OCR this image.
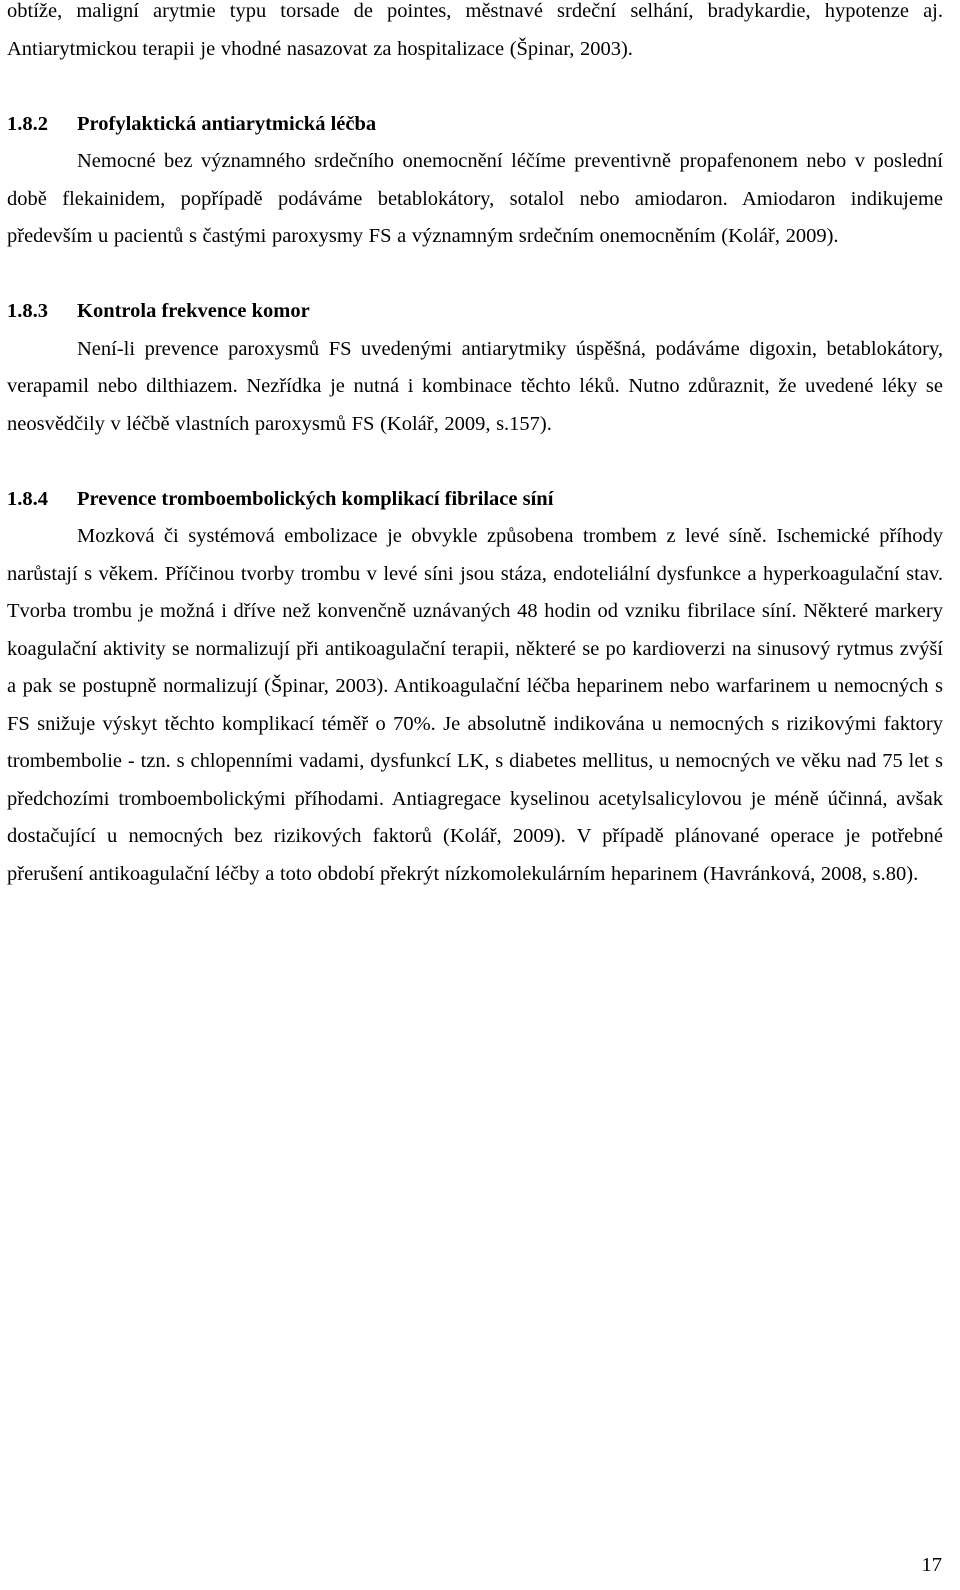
obtíže, maligní arytmie typu torsade de pointes, městnavé srdeční selhání, bradykardie, hypotenze aj. Antiarytmickou terapii je vhodné nasazovat za hospitalizace (Špinar, 2003).

1.8.2 Profylaktická antiarytmická léčba

Nemocné bez významného srdečního onemocnění léčíme preventivně propafenonem nebo v poslední době flekainidem, popřípadě podáváme betablokátory, sotalol nebo amiodaron. Amiodaron indikujeme především u pacientů s častými paroxysmy FS a významným srdečním onemocněním (Kolář, 2009).

1.8.3 Kontrola frekvence komor

Není-li prevence paroxysmů FS uvedenými antiarytmiky úspěšná, podáváme digoxin, betablokátory, verapamil nebo dilthiazem. Nezřídka je nutná i kombinace těchto léků. Nutno zdůraznit, že uvedené léky se neosvědčily v léčbě vlastních paroxysmů FS (Kolář, 2009, s.157).

1.8.4 Prevence tromboembolických komplikací fibrilace síní

Mozková či systémová embolizace je obvykle způsobena trombem z levé síně. Ischemické příhody narůstají s věkem. Příčinou tvorby trombu v levé síni jsou stáza, endoteliální dysfunkce a hyperkoagulační stav. Tvorba trombu je možná i dříve než konvenčně uznávaných 48 hodin od vzniku fibrilace síní. Některé markery koagulační aktivity se normalizují při antikoagulační terapii, některé se po kardioverzi na sinusový rytmus zvýší a pak se postupně normalizují (Špinar, 2003). Antikoagulační léčba heparinem nebo warfarinem u nemocných s FS snižuje výskyt těchto komplikací téměř o 70%. Je absolutně indikována u nemocných s rizikovými faktory trombembolie - tzn. s chlopenními vadami, dysfunkcí LK, s diabetes mellitus, u nemocných ve věku nad 75 let s předchozími tromboembolickými příhodami. Antiagregace kyselinou acetylsalicylovou je méně účinná, avšak dostačující u nemocných bez rizikových faktorů (Kolář, 2009). V případě plánované operace je potřebné přerušení antikoagulační léčby a toto období překrýt nízkomolekulárním heparinem (Havránková, 2008, s.80).

17
